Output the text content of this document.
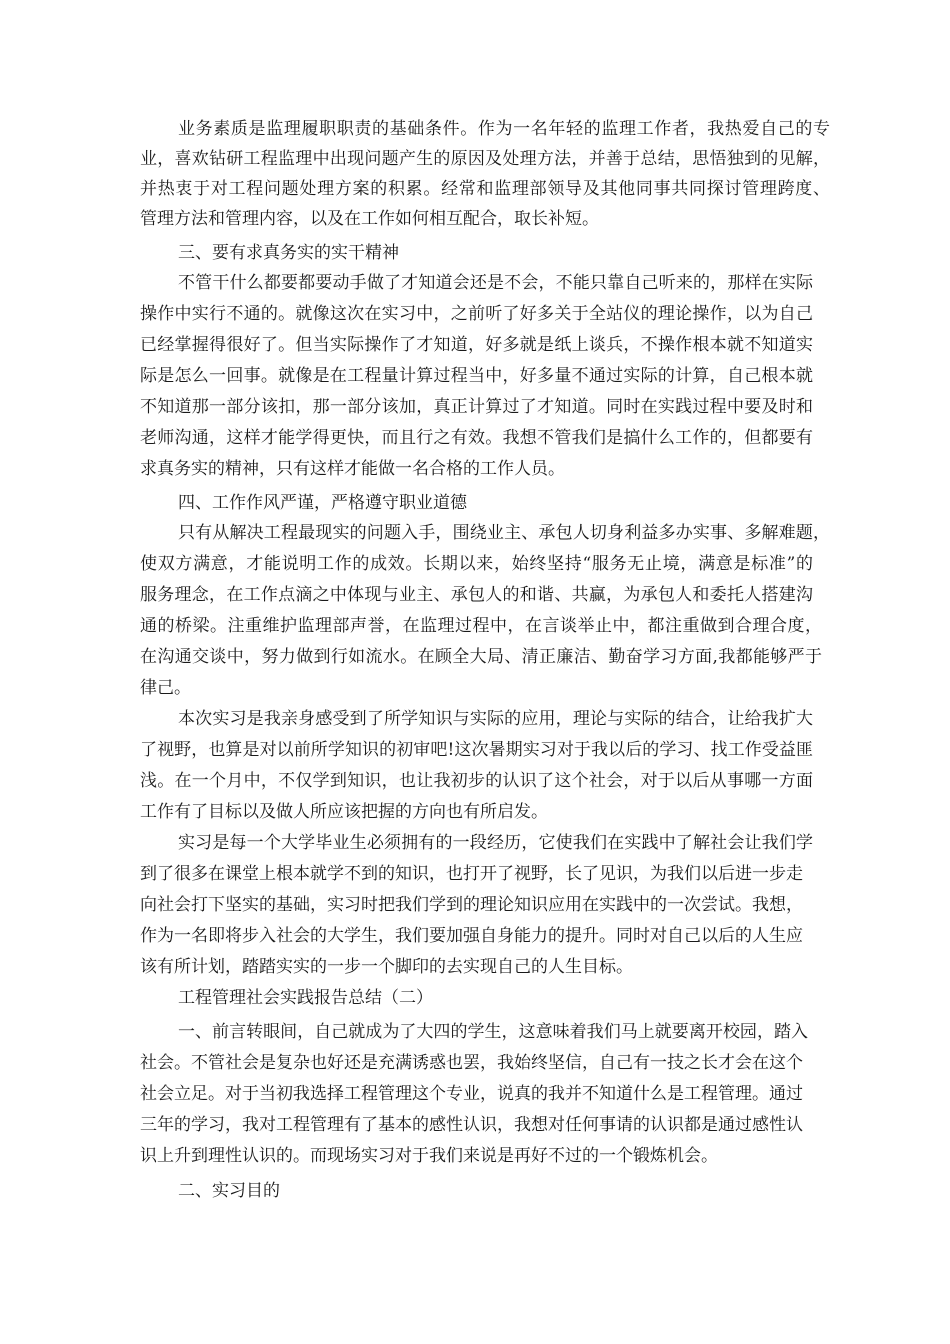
业务素质是监理履职职责的基础条件。作为一名年轻的监理工作者，我热爱自己的专

业，喜欢钻研工程监理中出现问题产生的原因及处理方法，并善于总结，思悟独到的见解，

并热衷于对工程问题处理方案的积累。经常和监理部领导及其他同事共同探讨管理跨度、

管理方法和管理内容，以及在工作如何相互配合，取长补短。

三、要有求真务实的实干精神

不管干什么都要都要动手做了才知道会还是不会，不能只靠自己听来的，那样在实际

操作中实行不通的。就像这次在实习中，之前听了好多关于全站仪的理论操作，以为自己

已经掌握得很好了。但当实际操作了才知道，好多就是纸上谈兵，不操作根本就不知道实

际是怎么一回事。就像是在工程量计算过程当中，好多量不通过实际的计算，自己根本就

不知道那一部分该扣，那一部分该加，真正计算过了才知道。同时在实践过程中要及时和

老师沟通，这样才能学得更快，而且行之有效。我想不管我们是搞什么工作的，但都要有

求真务实的精神，只有这样才能做一名合格的工作人员。

四、工作作风严谨，严格遵守职业道德

只有从解决工程最现实的问题入手，围绕业主、承包人切身利益多办实事、多解难题，

使双方满意，才能说明工作的成效。长期以来，始终坚持“服务无止境，满意是标准”的

服务理念，在工作点滴之中体现与业主、承包人的和谐、共赢，为承包人和委托人搭建沟

通的桥梁。注重维护监理部声誉，在监理过程中，在言谈举止中，都注重做到合理合度，

在沟通交谈中，努力做到行如流水。在顾全大局、清正廉洁、勤奋学习方面,我都能够严于

律己。

本次实习是我亲身感受到了所学知识与实际的应用，理论与实际的结合，让给我扩大

了视野，也算是对以前所学知识的初审吧!这次暑期实习对于我以后的学习、找工作受益匪

浅。在一个月中，不仅学到知识，也让我初步的认识了这个社会，对于以后从事哪一方面

工作有了目标以及做人所应该把握的方向也有所启发。

实习是每一个大学毕业生必须拥有的一段经历，它使我们在实践中了解社会让我们学

到了很多在课堂上根本就学不到的知识，也打开了视野，长了见识，为我们以后进一步走

向社会打下坚实的基础，实习时把我们学到的理论知识应用在实践中的一次尝试。我想，

作为一名即将步入社会的大学生，我们要加强自身能力的提升。同时对自己以后的人生应

该有所计划，踏踏实实的一步一个脚印的去实现自己的人生目标。

工程管理社会实践报告总结（二）

一、前言转眼间，自己就成为了大四的学生，这意味着我们马上就要离开校园，踏入

社会。不管社会是复杂也好还是充满诱惑也罢，我始终坚信，自己有一技之长才会在这个

社会立足。对于当初我选择工程管理这个专业，说真的我并不知道什么是工程管理。通过

三年的学习，我对工程管理有了基本的感性认识，我想对任何事请的认识都是通过感性认

识上升到理性认识的。而现场实习对于我们来说是再好不过的一个锻炼机会。

二、实习目的
